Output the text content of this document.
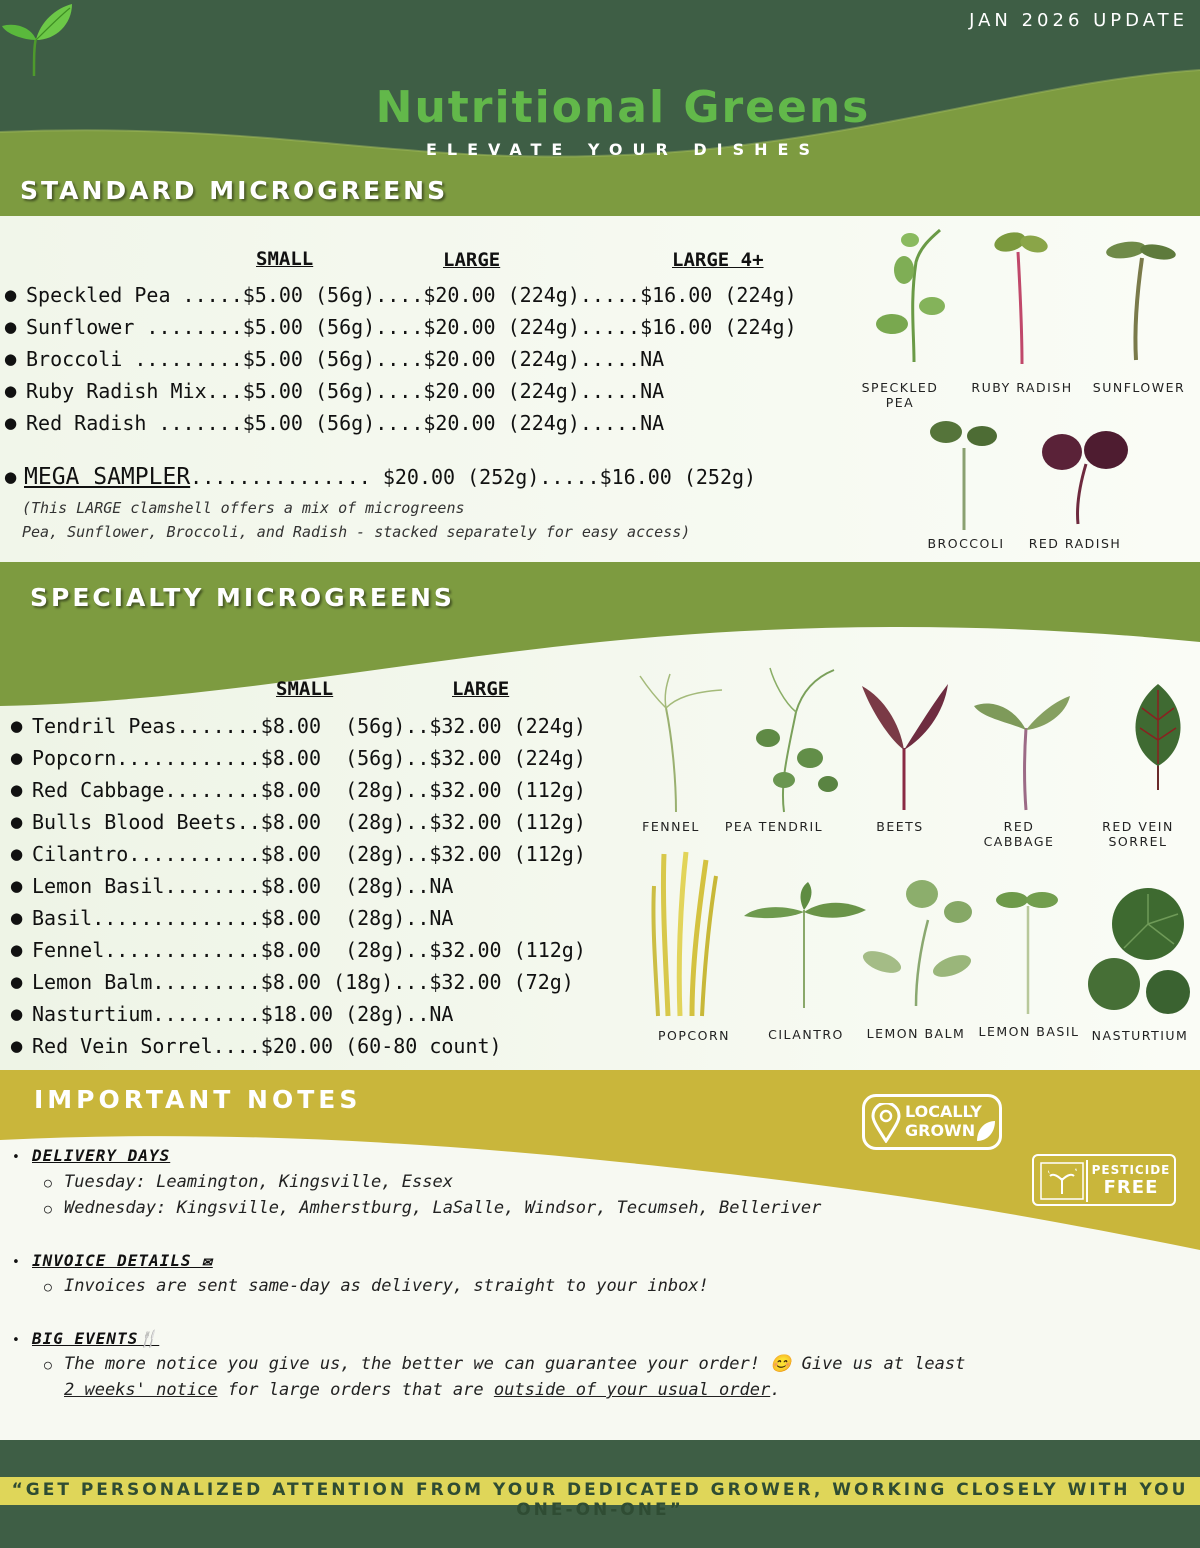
JAN 2026 UPDATE
Nutritional Greens
ELEVATE YOUR DISHES
STANDARD MICROGREENS
SMALL	LARGE	LARGE 4+
● Speckled Pea .....$5.00 (56g)....$20.00 (224g).....$16.00 (224g)
● Sunflower ........$5.00 (56g)....$20.00 (224g).....$16.00 (224g)
● Broccoli .........$5.00 (56g)....$20.00 (224g).....NA
● Ruby Radish Mix...$5.00 (56g)....$20.00 (224g).....NA
● Red Radish .......$5.00 (56g)....$20.00 (224g).....NA
● MEGA SAMPLER............... $20.00 (252g).....$16.00 (252g)
(This LARGE clamshell offers a mix of microgreens
Pea, Sunflower, Broccoli, and Radish - stacked separately for easy access)
SPECKLED PEA
RUBY RADISH SUNFLOWER
BROCCOLI RED RADISH
SPECIALTY MICROGREENS
SMALL	LARGE
● Tendril Peas.......$8.00  (56g)..$32.00 (224g)
● Popcorn............$8.00  (56g)..$32.00 (224g)
● Red Cabbage........$8.00  (28g)..$32.00 (112g)
● Bulls Blood Beets..$8.00  (28g)..$32.00 (112g)
● Cilantro...........$8.00  (28g)..$32.00 (112g)
● Lemon Basil........$8.00  (28g)..NA
● Basil..............$8.00  (28g)..NA
● Fennel.............$8.00  (28g)..$32.00 (112g)
● Lemon Balm.........$8.00 (18g)...$32.00 (72g)
● Nasturtium.........$18.00 (28g)..NA
● Red Vein Sorrel....$20.00 (60-80 count)
FENNEL	PEA TENDRIL	BEETS	RED CABBAGE
RED VEIN SORREL
POPCORN	CILANTRO LEMON BALM LEMON BASIL NASTURTIUM
IMPORTANT NOTES
• DELIVERY DAYS
○ Tuesday: Leamington, Kingsville, Essex
○ Wednesday: Kingsville, Amherstburg, LaSalle, Windsor, Tecumseh, Belleriver
• INVOICE DETAILS ✉
○ Invoices are sent same-day as delivery, straight to your inbox!
• BIG EVENTS🍴
○ The more notice you give us, the better we can guarantee your order! 😊 Give us at least
2 weeks' notice for large orders that are outside of your usual order.
LOCALLY
GROWN
PESTICIDE
FREE
“GET PERSONALIZED ATTENTION FROM YOUR DEDICATED GROWER, WORKING CLOSELY WITH YOU ONE-ON-ONE”
